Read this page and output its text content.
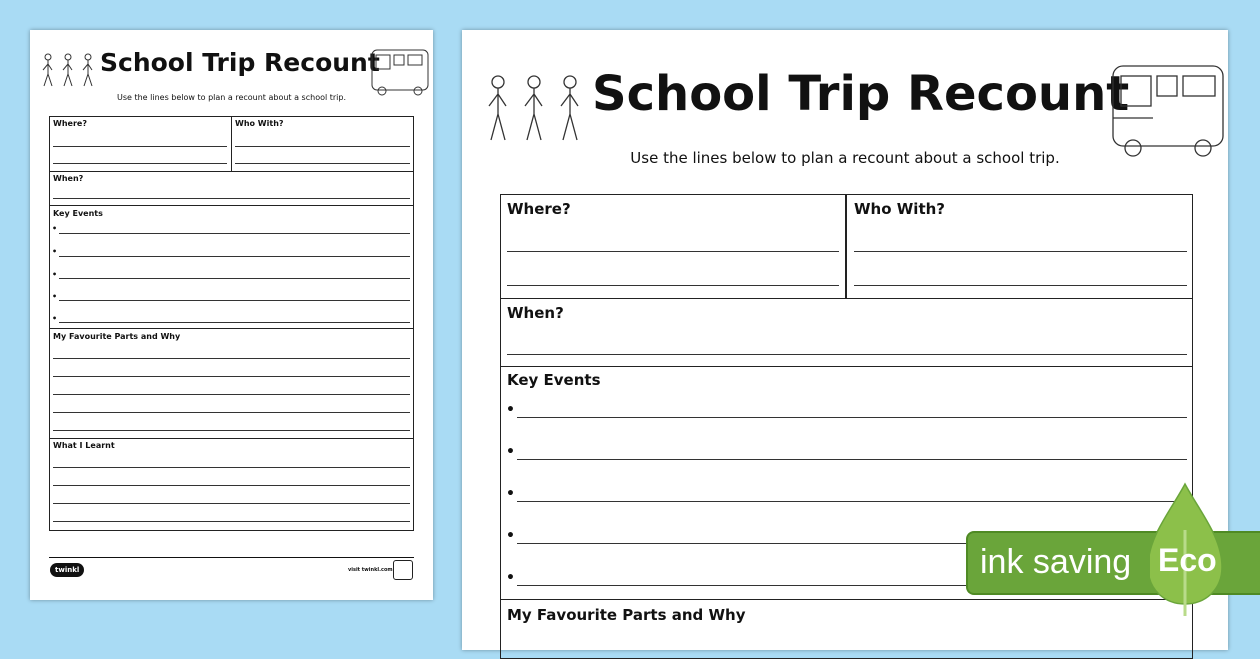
School Trip Recount
Use the lines below to plan a recount about a school trip.
Where?	Who With?
When?
Key Events
•
•
•
•
•
My Favourite Parts and Why
What I Learnt
twinkl	visit twinkl.com
School Trip Recount
Use the lines below to plan a recount about a school trip.
Where?	Who With?
When?
Key Events
•
•
•
•
•
My Favourite Parts and Why
ink saving Eco
